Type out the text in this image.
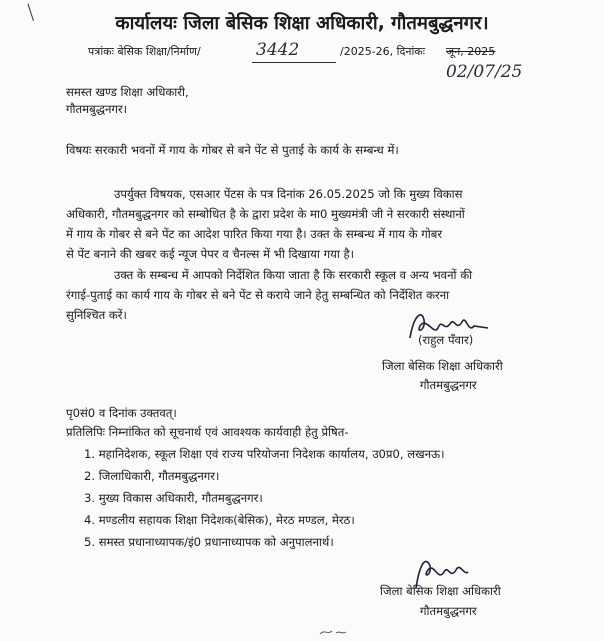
कार्यालयः जिला बेसिक शिक्षा अधिकारी, गौतमबुद्धनगर।
पत्रांकः बेसिक शिक्षा/निर्माण/	3442	/2025-26, दिनांकः जून, 2025
02/07/25
समस्त खण्ड शिक्षा अधिकारी,
गौतमबुद्धनगर।
विषयः सरकारी भवनों में गाय के गोबर से बने पेंट से पुताई के कार्य के सम्बन्ध में।
उपर्युक्त विषयक, एसआर पेंटस के पत्र दिनांक 26.05.2025 जो कि मुख्य विकास
अधिकारी, गौतमबुद्धनगर को सम्बोधित है के द्वारा प्रदेश के मा0 मुख्यमंत्री जी ने सरकारी संस्थानों
में गाय के गोबर से बने पेंट का आदेश पारित किया गया है। उक्त के सम्बन्ध में गाय के गोबर
से पेंट बनाने की खबर कई न्यूज पेपर व चैनल्स में भी दिखाया गया है।
उक्त के सम्बन्ध में आपको निर्देशित किया जाता है कि सरकारी स्कूल व अन्य भवनों की
रंगाई-पुताई का कार्य गाय के गोबर से बने पेंट से कराये जाने हेतु सम्बन्धित को निर्देशित करना
सुनिश्चित करें।
(राहुल पँवार)
जिला बेसिक शिक्षा अधिकारी
गौतमबुद्धनगर
पृ0सं0 व दिनांक उक्तवत्।
प्रतिलिपिः निम्नांकित को सूचनार्थ एवं आवश्यक कार्यवाही हेतु प्रेषित-
1. महानिदेशक, स्कूल शिक्षा एवं राज्य परियोजना निदेशक कार्यालय, उ0प्र0, लखनऊ।
2. जिलाधिकारी, गौतमबुद्धनगर।
3. मुख्य विकास अधिकारी, गौतमबुद्धनगर।
4. मण्डलीय सहायक शिक्षा निदेशक(बेसिक), मेरठ मण्डल, मेरठ।
5. समस्त प्रधानाध्यापक/इं0 प्रधानाध्यापक को अनुपालनार्थ।
जिला बेसिक शिक्षा अधिकारी
गौतमबुद्धनगर
